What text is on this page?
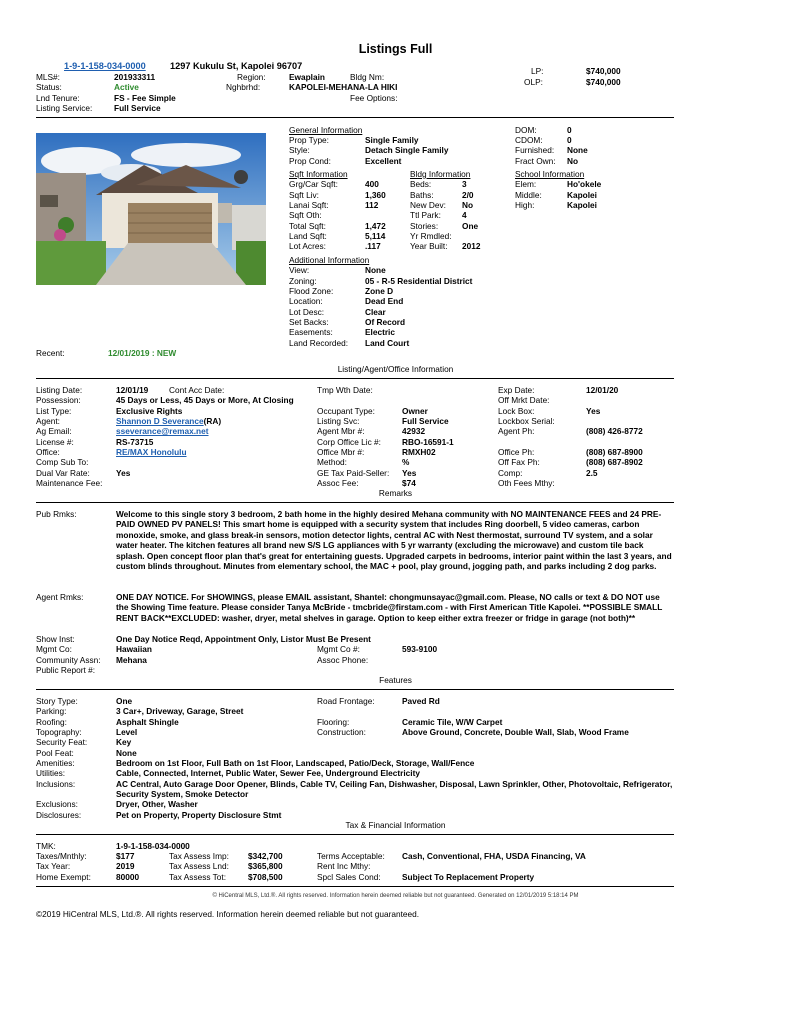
Listings Full
1-9-1-158-034-0000	1297 Kukulu St, Kapolei 96707
MLS#:	201933311
Status:	Active
Lnd Tenure:	FS - Fee Simple
Listing Service:	Full Service
Region:	Ewaplain	Bldg Nm:
Nghbrhd:	KAPOLEI-MEHANA-LA HIKI
Fee Options:
LP:	$740,000
OLP:	$740,000
General Information
Prop Type:	Single Family
Style:	Detach Single Family
Prop Cond:	Excellent
DOM:	0
CDOM:	0
Furnished: None
Fract Own: No
Sqft Information
Grg/Car Sqft:	400
Sqft Liv:	1,360
Lanai Sqft:	112
Sqft Oth:
Total Sqft:	1,472
Land Sqft:	5,114
Lot Acres:	.117
Bldg Information
Beds:	3
Baths:	2/0
New Dev: No
Ttl Park:	4
Stories:	One
Yr Rmdled:
Year Built: 2012
School Information
Elem:	Ho'okele
Middle:	Kapolei
High:	Kapolei
Additional Information
View:	None
Zoning:	05 - R-5 Residential District
Flood Zone:	Zone D
Location:	Dead End
Lot Desc:	Clear
Set Backs:	Of Record
Easements:	Electric
Land Recorded: Land Court
Recent:	12/01/2019 : NEW
Listing/Agent/Office Information
Listing Date:	12/01/19 Cont Acc Date:
Possession:	45 Days or Less, 45 Days or More, At Closing
List Type:	Exclusive Rights
Agent:	Shannon D Severance(RA)
Ag Email:	sseverance@remax.net
License #:	RS-73715
Office:	RE/MAX Honolulu
Comp Sub To:
Dual Var Rate:	Yes
Maintenance Fee:
Tmp Wth Date:
Occupant Type:	Owner
Listing Svc:	Full Service
Agent Mbr #:	42932
Corp Office Lic #:	RBO-16591-1
Office Mbr #:	RMXH02
Method:	%
GE Tax Paid-Seller: Yes
Assoc Fee:	$74
Exp Date:	12/01/20
Off Mrkt Date:
Lock Box:	Yes
Lockbox Serial:
Agent Ph:	(808) 426-8772
Office Ph:	(808) 687-8900
Off Fax Ph:	(808) 687-8902
Comp:	2.5
Oth Fees Mthy:
Remarks
Pub Rmks:	Welcome to this single story 3 bedroom, 2 bath home in the highly desired Mehana community with NO MAINTENANCE FEES and 24 PRE-PAID OWNED PV PANELS! This smart home is equipped with a security system that includes Ring doorbell, 5 video cameras, carbon monoxide, smoke, and glass break-in sensors, motion detector lights, central AC with Nest thermostat, surround TV system, and a solar water heater. The kitchen features all brand new S/S LG appliances with 5 yr warranty (excluding the microwave) and custom tile back splash. Open concept floor plan that's great for entertaining guests. Upgraded carpets in bedrooms, interior paint within the last 3 years, and custom blinds throughout. Minutes from elementary school, the MAC + pool, play ground, jogging path, and parks including 2 dog parks.
Agent Rmks:	ONE DAY NOTICE. For SHOWINGS, please EMAIL assistant, Shantel: chongmunsayac@gmail.com. Please, NO calls or text & DO NOT use the Showing Time feature. Please consider Tanya McBride - tmcbride@firstam.com - with First American Title Kapolei. **POSSIBLE SMALL RENT BACK**EXCLUDED: washer, dryer, metal shelves in garage. Option to keep either extra freezer or fridge in garage (not both)**
Show Inst:	One Day Notice Reqd, Appointment Only, Listor Must Be Present
Mgmt Co:	Hawaiian	Mgmt Co #:	593-9100
Community Assn: Mehana	Assoc Phone:
Public Report #:
Features
Story Type:	One	Road Frontage:	Paved Rd
Parking:	3 Car+, Driveway, Garage, Street
Roofing:	Asphalt Shingle	Flooring:	Ceramic Tile, W/W Carpet
Topography:	Level	Construction:	Above Ground, Concrete, Double Wall, Slab, Wood Frame
Security Feat:	Key
Pool Feat:	None
Amenities:	Bedroom on 1st Floor, Full Bath on 1st Floor, Landscaped, Patio/Deck, Storage, Wall/Fence
Utilities:	Cable, Connected, Internet, Public Water, Sewer Fee, Underground Electricity
Inclusions:	AC Central, Auto Garage Door Opener, Blinds, Cable TV, Ceiling Fan, Dishwasher, Disposal, Lawn Sprinkler, Other, Photovoltaic, Refrigerator, Security System, Smoke Detector
Exclusions:	Dryer, Other, Washer
Disclosures:	Pet on Property, Property Disclosure Stmt
Tax & Financial Information
TMK:	1-9-1-158-034-0000
Taxes/Mnthly:	$177	Tax Assess Imp: $342,700	Terms Acceptable: Cash, Conventional, FHA, USDA Financing, VA
Tax Year:	2019	Tax Assess Lnd: $365,800	Rent Inc Mthy:
Home Exempt:	80000	Tax Assess Tot:	$708,500	Spcl Sales Cond:	Subject To Replacement Property
© HiCentral MLS, Ltd.®. All rights reserved. Information herein deemed reliable but not guaranteed. Generated on 12/01/2019 5:18:14 PM
©2019 HiCentral MLS, Ltd.®. All rights reserved. Information herein deemed reliable but not guaranteed.
